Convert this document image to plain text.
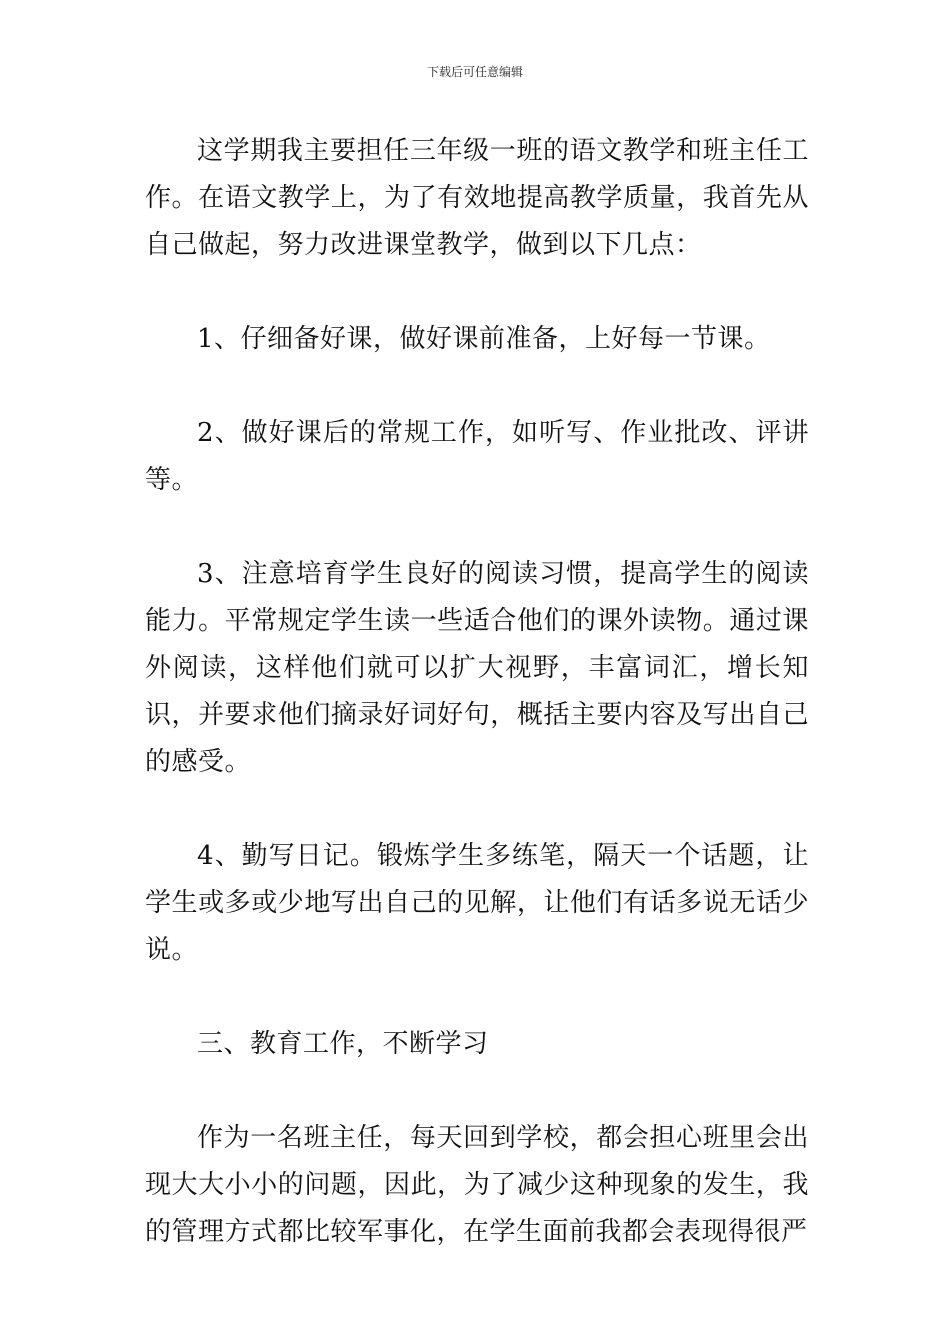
下载后可任意编辑

这学期我主要担任三年级一班的语文教学和班主任工作。在语文教学上，为了有效地提高教学质量，我首先从自己做起，努力改进课堂教学，做到以下几点：

1、仔细备好课，做好课前准备，上好每一节课。

2、做好课后的常规工作，如听写、作业批改、评讲等。

3、注意培育学生良好的阅读习惯，提高学生的阅读能力。平常规定学生读一些适合他们的课外读物。通过课外阅读，这样他们就可以扩大视野，丰富词汇，增长知识，并要求他们摘录好词好句，概括主要内容及写出自己的感受。

4、勤写日记。锻炼学生多练笔，隔天一个话题，让学生或多或少地写出自己的见解，让他们有话多说无话少说。

三、教育工作，不断学习

作为一名班主任，每天回到学校，都会担心班里会出现大大小小的问题，因此，为了减少这种现象的发生，我的管理方式都比较军事化，在学生面前我都会表现得很严
